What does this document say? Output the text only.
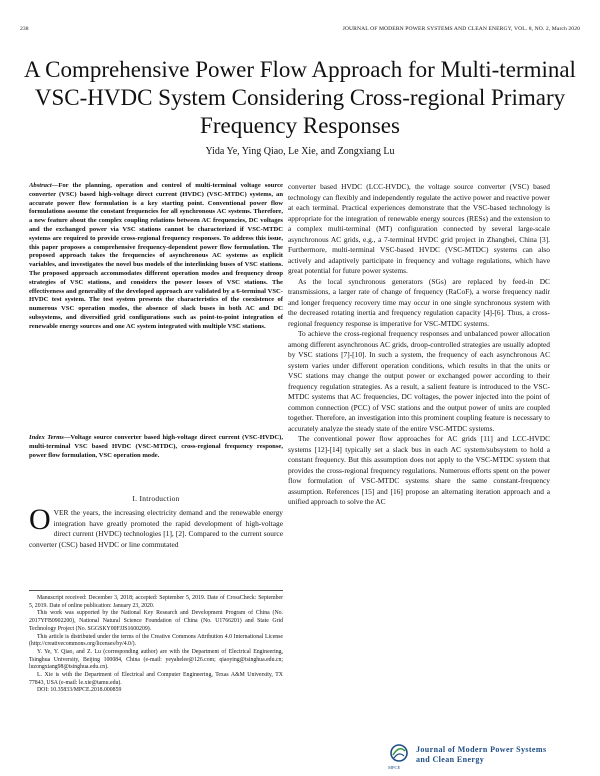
238	JOURNAL OF MODERN POWER SYSTEMS AND CLEAN ENERGY, VOL. 8, NO. 2, March 2020
A Comprehensive Power Flow Approach for Multi-terminal VSC-HVDC System Considering Cross-regional Primary Frequency Responses
Yida Ye, Ying Qiao, Le Xie, and Zongxiang Lu
Abstract—For the planning, operation and control of multi-terminal voltage source converter (VSC) based high-voltage direct current (HVDC) (VSC-MTDC) systems, an accurate power flow formulation is a key starting point. Conventional power flow formulations assume the constant frequencies for all synchronous AC systems. Therefore, a new feature about the complex coupling relations between AC frequencies, DC voltages and the exchanged power via VSC stations cannot be characterized if VSC-MTDC systems are required to provide cross-regional frequency responses. To address this issue, this paper proposes a comprehensive frequency-dependent power flow formulation. The proposed approach takes the frequencies of asynchronous AC systems as explicit variables, and investigates the novel bus models of the interlinking buses of VSC stations. The proposed approach accommodates different operation modes and frequency droop strategies of VSC stations, and considers the power losses of VSC stations. The effectiveness and generality of the developed approach are validated by a 6-terminal VSC-HVDC test system. The test system presents the characteristics of the coexistence of numerous VSC operation modes, the absence of slack buses in both AC and DC subsystems, and diversified grid configurations such as point-to-point integration of renewable energy sources and one AC system integrated with multiple VSC stations.
Index Terms—Voltage source converter based high-voltage direct current (VSC-HVDC), multi-terminal VSC based HVDC (VSC-MTDC), cross-regional frequency response, power flow formulation, VSC operation mode.
I. Introduction
OVER the years, the increasing electricity demand and the renewable energy integration have greatly promoted the rapid development of high-voltage direct current (HVDC) technologies [1], [2]. Compared to the current source converter (CSC) based HVDC or line commutated

Manuscript received: December 3, 2018; accepted: September 5, 2019. Date of CrossCheck: September 5, 2019. Date of online publication: January 23, 2020.

This work was supported by the National Key Research and Development Program of China (No. 2017YFB0902200), National Natural Science Foundation of China (No. U1766201) and State Grid Technology Project (No. SGGSKY00FJJS1600209).

This article is distributed under the terms of the Creative Commons Attribution 4.0 International License (http://creativecommons.org/licenses/by/4.0/).

Y. Ye, Y. Qiao, and Z. Lu (corresponding author) are with the Department of Electrical Engineering, Tsinghua University, Beijing 100084, China (e-mail: yeyahelee@126.com; qiaoying@tsinghua.edu.cn; luzongxiang98@tsinghua.edu.cn).

L. Xie is with the Department of Electrical and Computer Engineering, Texas A&M University, TX 77843, USA (e-mail: le.xie@tamu.edu).

DOI: 10.35833/MPCE.2018.000859

converter based HVDC (LCC-HVDC), the voltage source converter (VSC) based technology can flexibly and independently regulate the active power and reactive power at each terminal. Practical experiences demonstrate that the VSC-based technology is appropriate for the integration of renewable energy sources (RESs) and the extension to a complex multi-terminal (MT) configuration connected by several large-scale asynchronous AC grids, e.g., a 7-terminal HVDC grid project in Zhangbei, China [3]. Furthermore, multi-terminal VSC-based HVDC (VSC-MTDC) systems can also actively and adaptively participate in frequency and voltage regulations, which have great potential for future power systems.

As the local synchronous generators (SGs) are replaced by feed-in DC transmissions, a larger rate of change of frequency (RaCoF), a worse frequency nadir and longer frequency recovery time may occur in one single synchronous system with the decreased rotating inertia and frequency regulation capacity [4]-[6]. Thus, a cross-regional frequency response is imperative for VSC-MTDC systems.

To achieve the cross-regional frequency responses and unbalanced power allocation among different asynchronous AC grids, droop-controlled strategies are usually adopted by VSC stations [7]-[10]. In such a system, the frequency of each asynchronous AC system varies under different operation conditions, which results in that the units or VSC stations may change the output power or exchanged power according to their frequency regulation strategies. As a result, a salient feature is introduced to the VSC-MTDC systems that AC frequencies, DC voltages, the power injected into the point of common connection (PCC) of VSC stations and the output power of units are coupled together. Therefore, an investigation into this prominent coupling feature is necessary to accurately analyze the steady state of the entire VSC-MTDC systems.

The conventional power flow approaches for AC grids [11] and LCC-HVDC systems [12]-[14] typically set a slack bus in each AC system/subsystem to hold a constant frequency. But this assumption does not apply to the VSC-MTDC system that provides the cross-regional frequency regulations. Numerous efforts spent on the power flow formulation of VSC-MTDC systems share the same constant-frequency assumption. References [15] and [16] propose an alternating iteration approach and a unified approach to solve the AC

MPCE
Journal of Modern Power Systems
and Clean Energy
